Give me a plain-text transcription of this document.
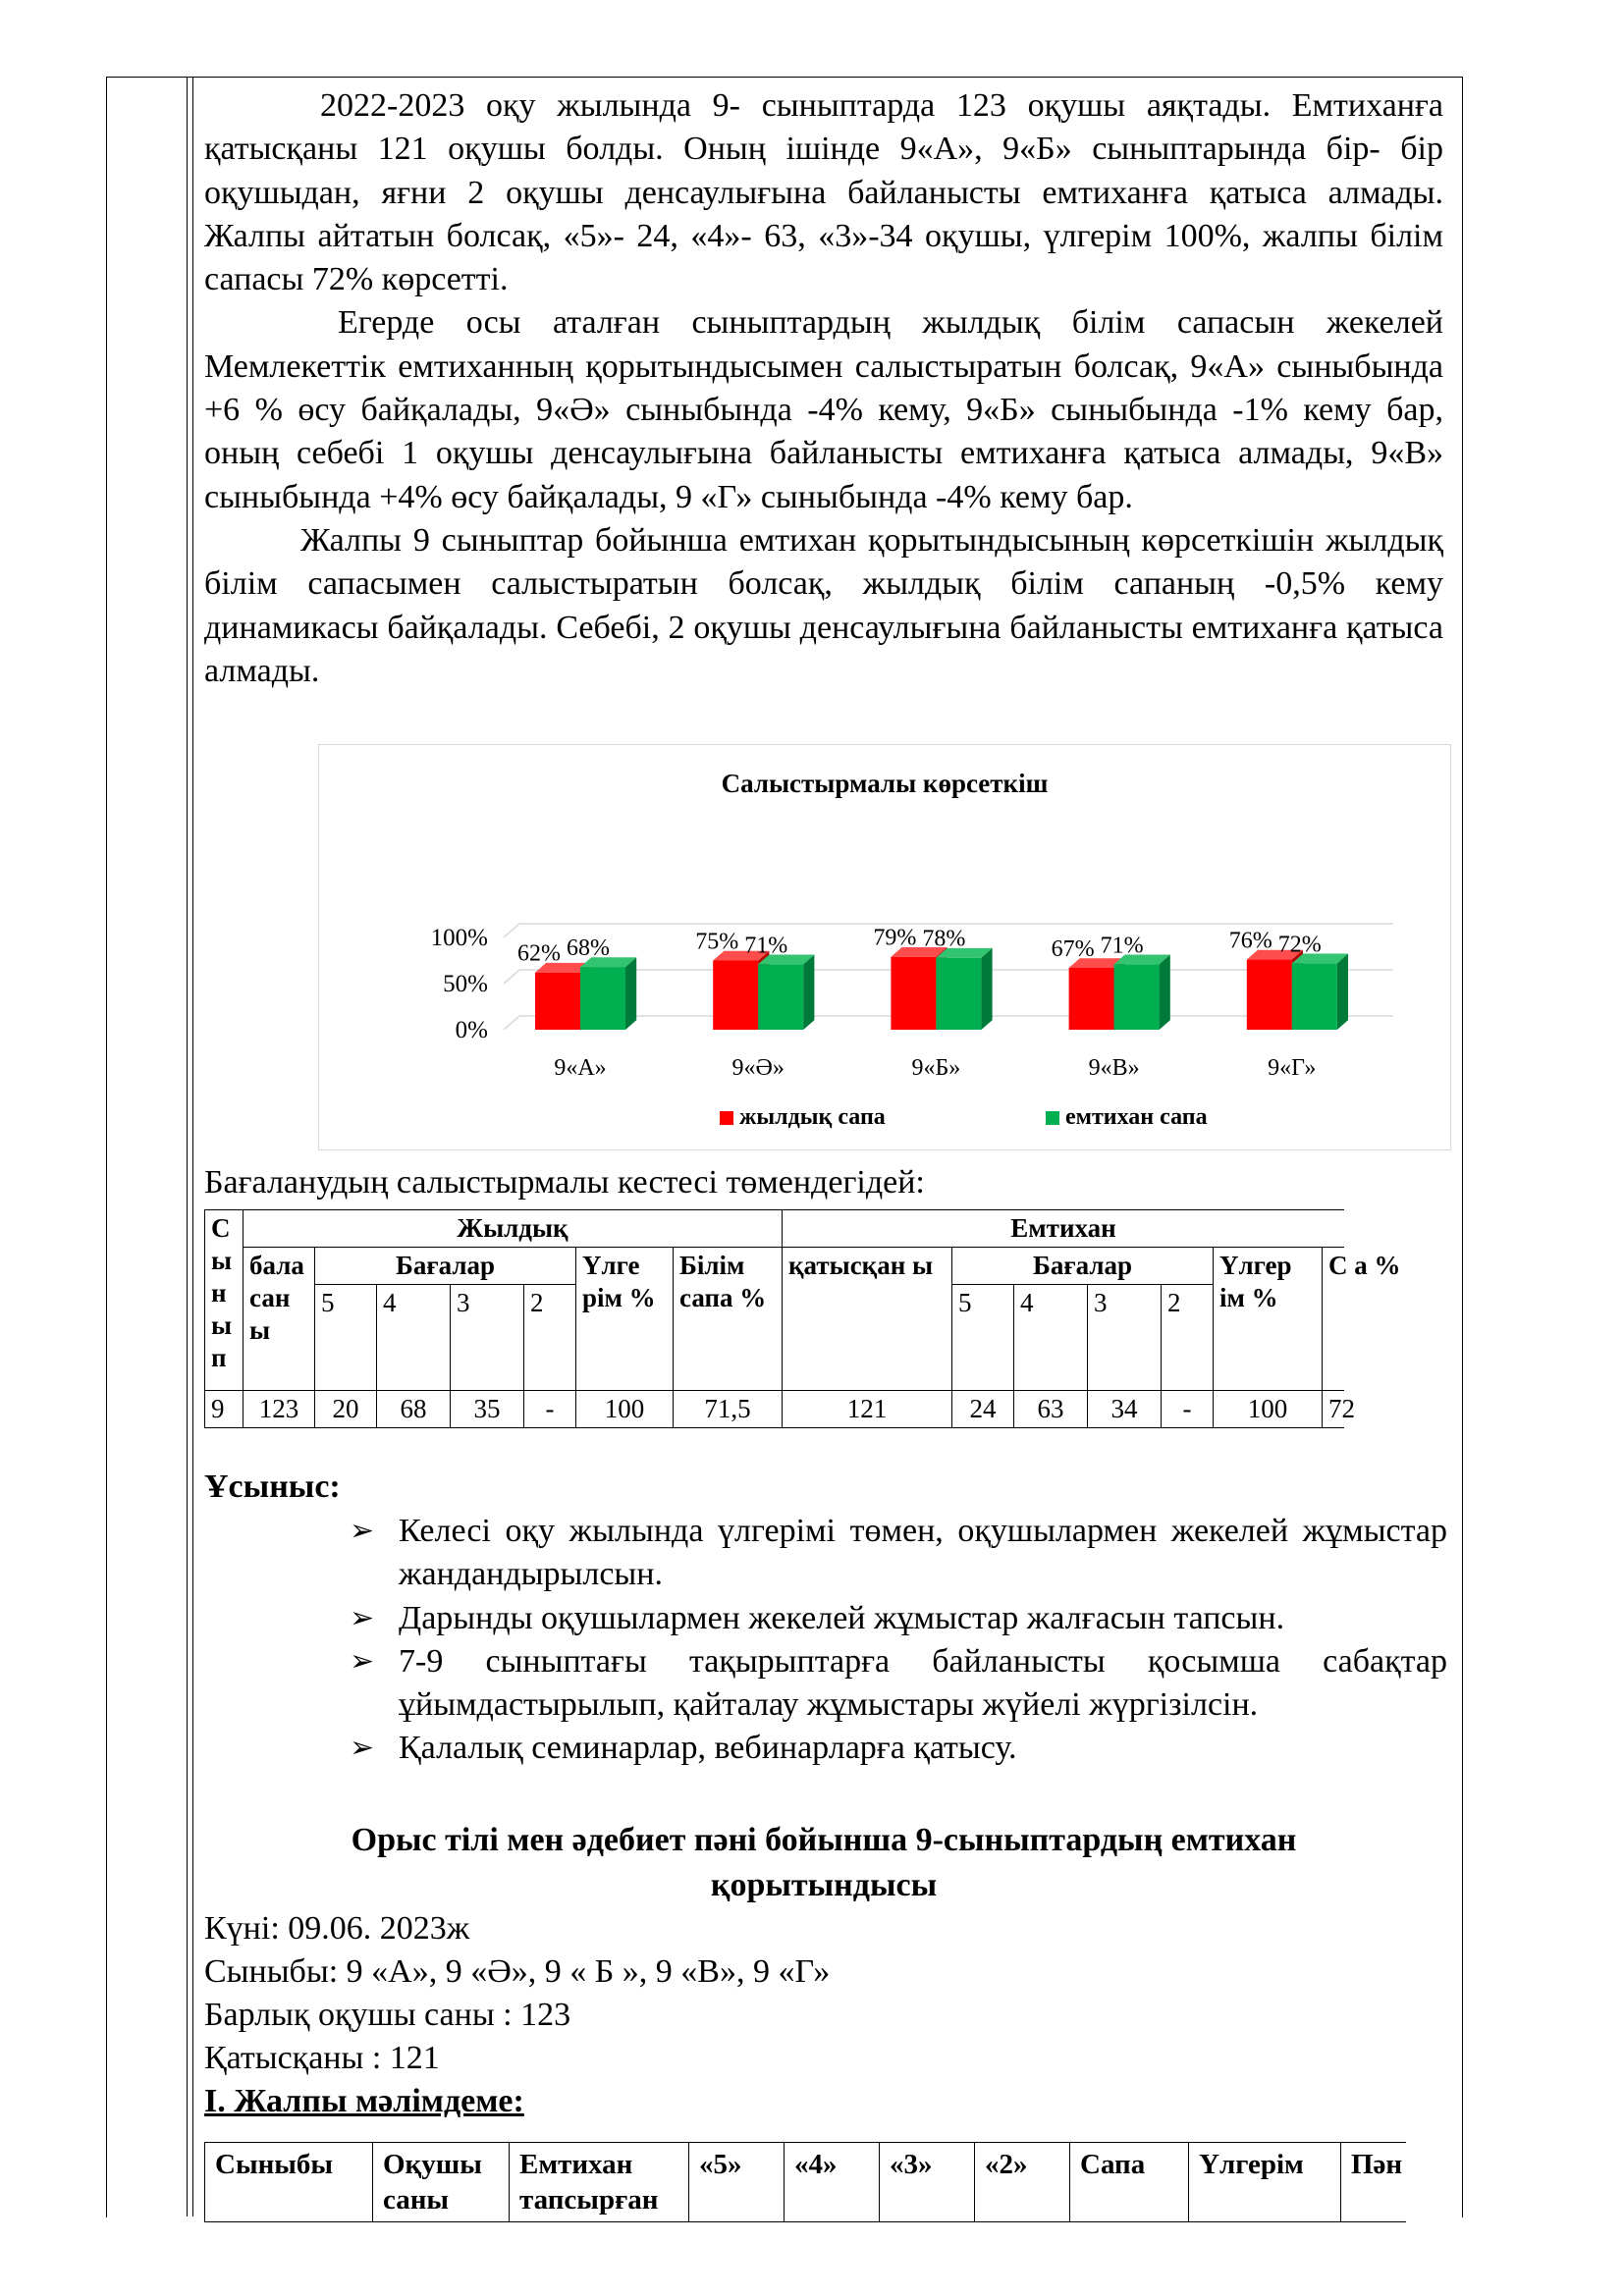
2022-2023 оқу жылында 9- сыныптарда 123 оқушы аяқтады. Емтиханға қатысқаны 121 оқушы болды. Оның ішінде 9«А», 9«Б» сыныптарында бір- бір оқушыдан, яғни 2 оқушы денсаулығына байланысты емтиханға қатыса алмады. Жалпы айтатын болсақ, «5»- 24, «4»- 63, «3»-34 оқушы, үлгерім 100%, жалпы білім сапасы 72% көрсетті.

Егерде осы аталған сыныптардың жылдық білім сапасын жекелей Мемлекеттік емтиханның қорытындысымен салыстыратын болсақ, 9«А» сыныбында +6 % өсу байқалады, 9«Ә» сыныбында -4% кему, 9«Б» сыныбында -1% кему бар, оның себебі 1 оқушы денсаулығына байланысты емтиханға қатыса алмады, 9«В» сыныбында +4% өсу байқалады, 9 «Г» сыныбында -4% кему бар.

Жалпы 9 сыныптар бойынша емтихан қорытындысының көрсеткішін жылдық білім сапасымен салыстыратын болсақ, жылдық білім сапаның -0,5% кему динамикасы байқалады. Себебі, 2 оқушы денсаулығына байланысты емтиханға қатыса алмады.

Салыстырмалы көрсеткіш
0%
50%
100%
62% 68%
9«А»
75% 71%
9«Ә»
79% 78%
9«Б»
67% 71%
9«В»
76% 72%
9«Г»
жылдық сапа	емтихан сапа
Бағаланудың салыстырмалы кестесі төмендегідей:
С ы н ы п	Жылдық							Емтихан						
	бала сан ы	Бағалар				Үлге рім %	Білім сапа %	қатысқан ы	Бағалар				Үлгер ім %	С а %

		5	4	3	2				5	4	3	2		
9	123	20	68	35	-	100	71,5	121	24	63	34	-	100	72
Ұсыныс:
➢ Келесі оқу жылында үлгерімі төмен, оқушылармен жекелей жұмыстар жандандырылсын.
➢ Дарынды оқушылармен жекелей жұмыстар жалғасын тапсын.
➢ 7-9 сыныптағы тақырыптарға байланысты қосымша сабақтар ұйымдастырылып, қайталау жұмыстары жүйелі жүргізілсін.
➢ Қалалық семинарлар, вебинарларға қатысу.
Орыс тілі мен әдебиет пәні бойынша 9-сыныптардың емтихан қорытындысы
Күні: 09.06. 2023ж
Сыныбы: 9 «А», 9 «Ә», 9 « Б », 9 «В», 9 «Г»
Барлық оқушы саны : 123
Қатысқаны : 121
І. Жалпы мәлімдеме:
Сыныбы	Оқушы саны	Емтихан тапсырған	«5»	«4»	«3»	«2»	Сапа	Үлгерім	Пән
